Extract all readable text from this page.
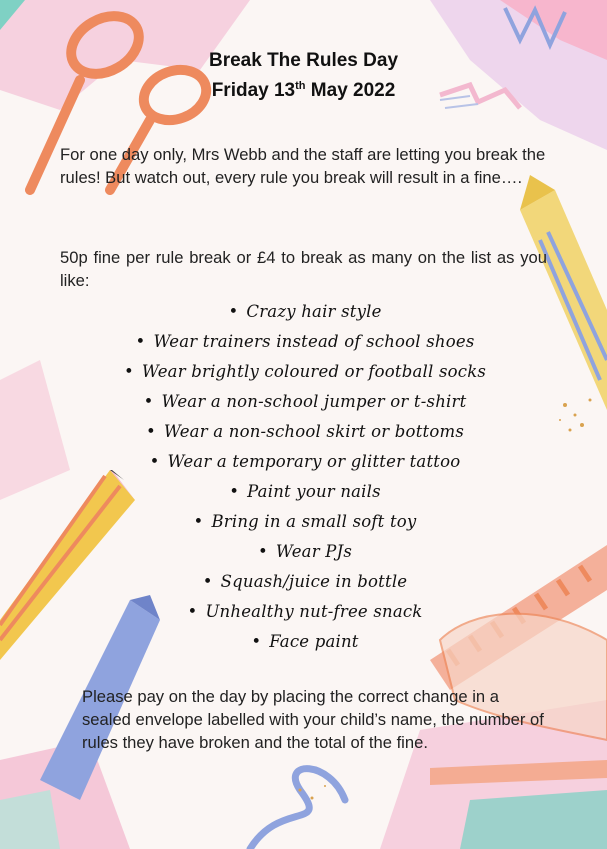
Break The Rules Day
Friday 13th May 2022
For one day only, Mrs Webb and the staff are letting you break the rules! But watch out, every rule you break will result in a fine….
50p fine per rule break or £4 to break as many on the list as you like:
• Crazy hair style
• Wear trainers instead of school shoes
• Wear brightly coloured or football socks
• Wear a non-school jumper or t-shirt
• Wear a non-school skirt or bottoms
• Wear a temporary or glitter tattoo
• Paint your nails
• Bring in a small soft toy
• Wear PJs
• Squash/juice in bottle
• Unhealthy nut-free snack
• Face paint
Please pay on the day by placing the correct change in a sealed envelope labelled with your child’s name, the number of rules they have broken and the total of the fine.
